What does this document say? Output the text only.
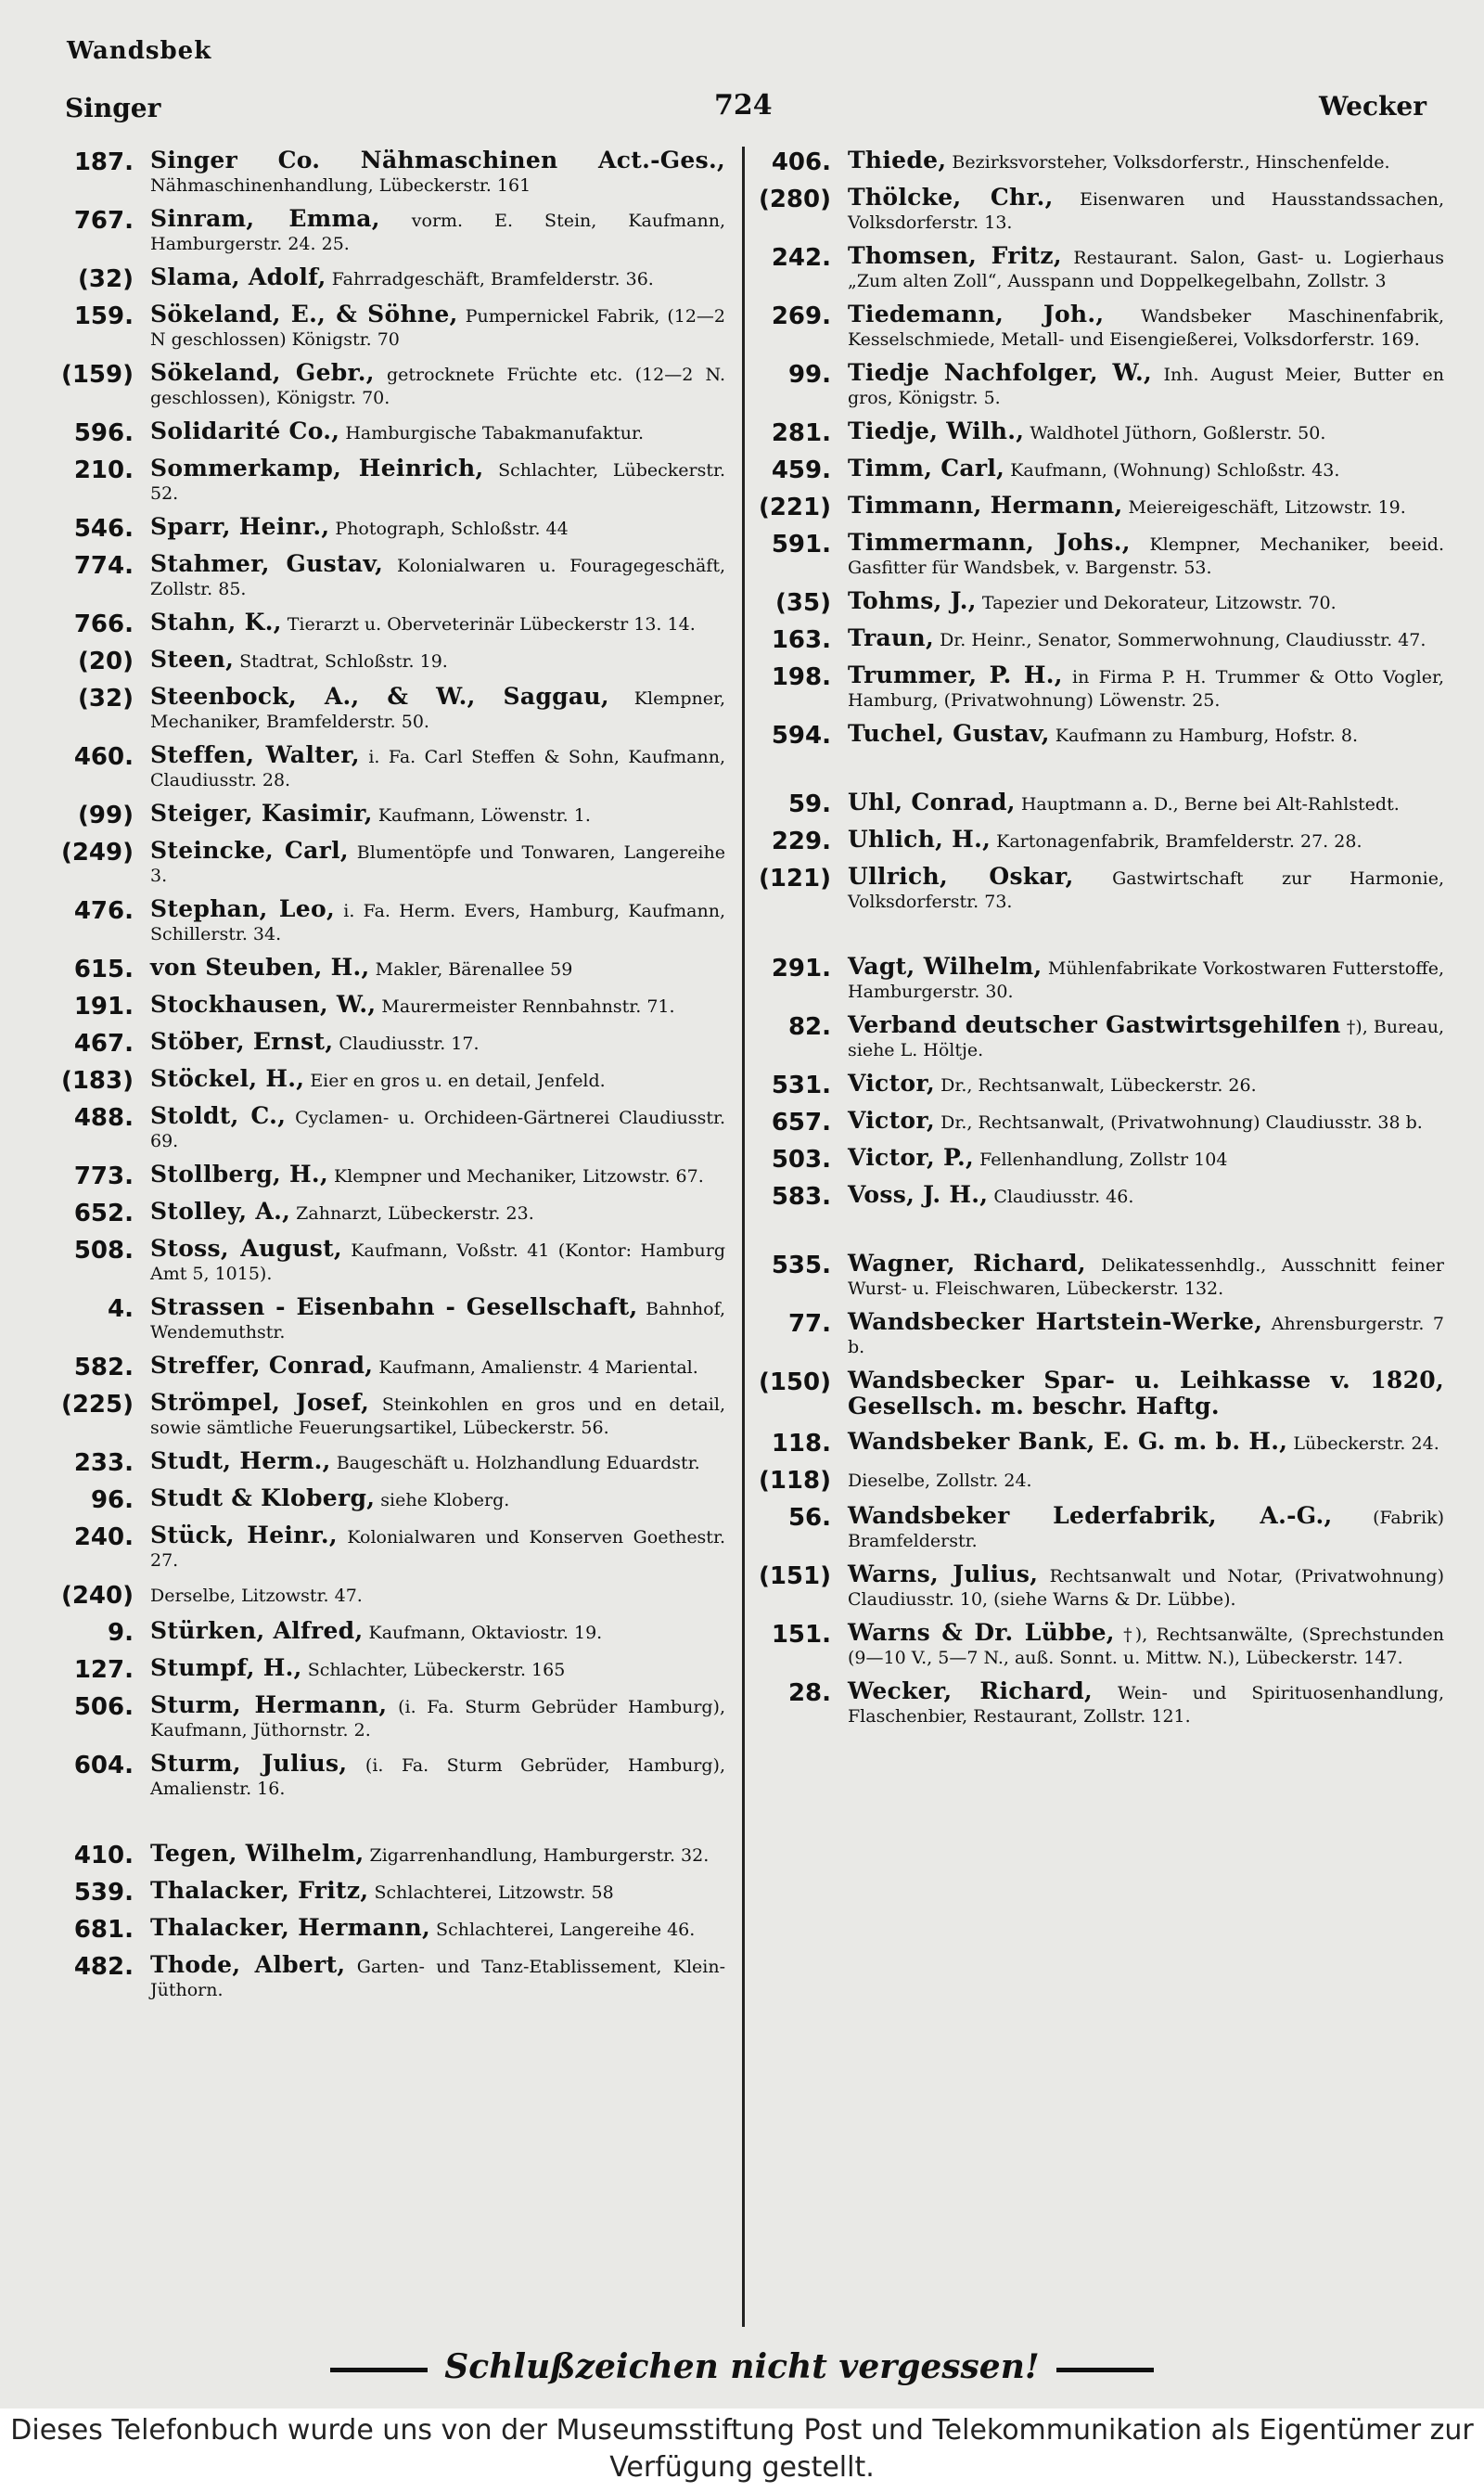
Wandsbek
Singer	724	Wecker
187. Singer Co. Nähmaschinen Act.-Ges., Nähmaschinenhandlung, Lübeckerstr. 161
767. Sinram, Emma, vorm. E. Stein, Kaufmann, Hamburgerstr. 24. 25.
(32) Slama, Adolf, Fahrradgeschäft, Bramfelderstr. 36.
159. Sökeland, E., & Söhne, Pumpernickel Fabrik, (12—2 N geschlossen) Königstr. 70
(159) Sökeland, Gebr., getrocknete Früchte etc. (12—2 N. geschlossen), Königstr. 70.
596. Solidarité Co., Hamburgische Tabakmanufaktur.
210. Sommerkamp, Heinrich, Schlachter, Lübeckerstr. 52.
546. Sparr, Heinr., Photograph, Schloßstr. 44
774. Stahmer, Gustav, Kolonialwaren u. Fouragegeschäft, Zollstr. 85.
766. Stahn, K., Tierarzt u. Oberveterinär Lübeckerstr 13. 14.
(20) Steen, Stadtrat, Schloßstr. 19.
(32) Steenbock, A., & W., Saggau, Klempner, Mechaniker, Bramfelderstr. 50.
460. Steffen, Walter, i. Fa. Carl Steffen & Sohn, Kaufmann, Claudiusstr. 28.
(99) Steiger, Kasimir, Kaufmann, Löwenstr. 1.
(249) Steincke, Carl, Blumentöpfe und Tonwaren, Langereihe 3.
476. Stephan, Leo, i. Fa. Herm. Evers, Hamburg, Kaufmann, Schillerstr. 34.
615. von Steuben, H., Makler, Bärenallee 59
191. Stockhausen, W., Maurermeister Rennbahnstr. 71.
467. Stöber, Ernst, Claudiusstr. 17.
(183) Stöckel, H., Eier en gros u. en detail, Jenfeld.
488. Stoldt, C., Cyclamen- u. Orchideen-Gärtnerei Claudiusstr. 69.
773. Stollberg, H., Klempner und Mechaniker, Litzowstr. 67.
652. Stolley, A., Zahnarzt, Lübeckerstr. 23.
508. Stoss, August, Kaufmann, Voßstr. 41 (Kontor: Hamburg Amt 5, 1015).
4. Strassen - Eisenbahn - Gesellschaft, Bahnhof, Wendemuthstr.
582. Streffer, Conrad, Kaufmann, Amalienstr. 4 Mariental.
(225) Strömpel, Josef, Steinkohlen en gros und en detail, sowie sämtliche Feuerungsartikel, Lübeckerstr. 56.
233. Studt, Herm., Baugeschäft u. Holzhandlung Eduardstr.
96. Studt & Kloberg, siehe Kloberg.
240. Stück, Heinr., Kolonialwaren und Konserven Goethestr. 27.
(240) Derselbe, Litzowstr. 47.
9. Stürken, Alfred, Kaufmann, Oktaviostr. 19.
127. Stumpf, H., Schlachter, Lübeckerstr. 165
506. Sturm, Hermann, (i. Fa. Sturm Gebrüder Hamburg), Kaufmann, Jüthornstr. 2.
604. Sturm, Julius, (i. Fa. Sturm Gebrüder, Hamburg), Amalienstr. 16.
410. Tegen, Wilhelm, Zigarrenhandlung, Hamburgerstr. 32.
539. Thalacker, Fritz, Schlachterei, Litzowstr. 58
681. Thalacker, Hermann, Schlachterei, Langereihe 46.
482. Thode, Albert, Garten- und Tanz-Etablissement, Klein-Jüthorn.
406. Thiede, Bezirksvorsteher, Volksdorferstr., Hinschenfelde.
(280) Thölcke, Chr., Eisenwaren und Hausstandssachen, Volksdorferstr. 13.
242. Thomsen, Fritz, Restaurant. Salon, Gast- u. Logierhaus „Zum alten Zoll“, Ausspann und Doppelkegelbahn, Zollstr. 3
269. Tiedemann, Joh., Wandsbeker Maschinenfabrik, Kesselschmiede, Metall- und Eisengießerei, Volksdorferstr. 169.
99. Tiedje Nachfolger, W., Inh. August Meier, Butter en gros, Königstr. 5.
281. Tiedje, Wilh., Waldhotel Jüthorn, Goßlerstr. 50.
459. Timm, Carl, Kaufmann, (Wohnung) Schloßstr. 43.
(221) Timmann, Hermann, Meiereigeschäft, Litzowstr. 19.
591. Timmermann, Johs., Klempner, Mechaniker, beeid. Gasfitter für Wandsbek, v. Bargenstr. 53.
(35) Tohms, J., Tapezier und Dekorateur, Litzowstr. 70.
163. Traun, Dr. Heinr., Senator, Sommerwohnung, Claudiusstr. 47.
198. Trummer, P. H., in Firma P. H. Trummer & Otto Vogler, Hamburg, (Privatwohnung) Löwenstr. 25.
594. Tuchel, Gustav, Kaufmann zu Hamburg, Hofstr. 8.
59. Uhl, Conrad, Hauptmann a. D., Berne bei Alt-Rahlstedt.
229. Uhlich, H., Kartonagenfabrik, Bramfelderstr. 27. 28.
(121) Ullrich, Oskar, Gastwirtschaft zur Harmonie, Volksdorferstr. 73.
291. Vagt, Wilhelm, Mühlenfabrikate Vorkostwaren Futterstoffe, Hamburgerstr. 30.
82. Verband deutscher Gastwirtsgehilfen †), Bureau, siehe L. Höltje.
531. Victor, Dr., Rechtsanwalt, Lübeckerstr. 26.
657. Victor, Dr., Rechtsanwalt, (Privatwohnung) Claudiusstr. 38 b.
503. Victor, P., Fellenhandlung, Zollstr 104
583. Voss, J. H., Claudiusstr. 46.
535. Wagner, Richard, Delikatessenhdlg., Ausschnitt feiner Wurst- u. Fleischwaren, Lübeckerstr. 132.
77. Wandsbecker Hartstein-Werke, Ahrensburgerstr. 7 b.
(150) Wandsbecker Spar- u. Leihkasse v. 1820, Gesellsch. m. beschr. Haftg.
118. Wandsbeker Bank, E. G. m. b. H., Lübeckerstr. 24.
(118) Dieselbe, Zollstr. 24.
56. Wandsbeker Lederfabrik, A.-G., (Fabrik) Bramfelderstr.
(151) Warns, Julius, Rechtsanwalt und Notar, (Privatwohnung) Claudiusstr. 10, (siehe Warns & Dr. Lübbe).
151. Warns & Dr. Lübbe, †), Rechtsanwälte, (Sprechstunden (9—10 V., 5—7 N., auß. Sonnt. u. Mittw. N.), Lübeckerstr. 147.
28. Wecker, Richard, Wein- und Spirituosenhandlung, Flaschenbier, Restaurant, Zollstr. 121.
Schlußzeichen nicht vergessen!
Dieses Telefonbuch wurde uns von der Museumsstiftung Post und Telekommunikation als Eigentümer zur Verfügung gestellt.
